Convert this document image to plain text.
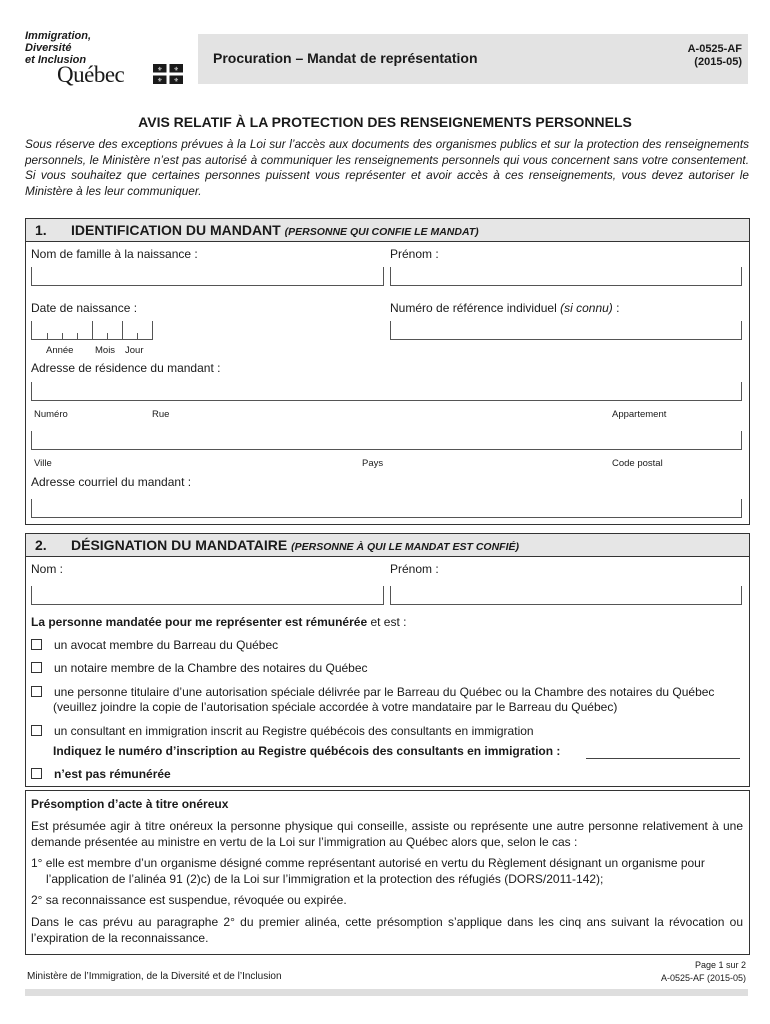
Immigration,
Diversité
et Inclusion
Québec	⚜ ⚜
⚜ ⚜
Procuration – Mandat de représentation
A-0525-AF
(2015-05)
AVIS RELATIF À LA PROTECTION DES RENSEIGNEMENTS PERSONNELS
Sous réserve des exceptions prévues à la Loi sur l’accès aux documents des organismes publics et sur la protection des renseignements personnels, le Ministère n’est pas autorisé à communiquer les renseignements personnels qui vous concernent sans votre consentement. Si vous souhaitez que certaines personnes puissent vous représenter et avoir accès à ces renseignements, vous devez autoriser le Ministère à les leur communiquer.
1. IDENTIFICATION DU MANDANT (PERSONNE QUI CONFIE LE MANDAT)
Nom de famille à la naissance :	Prénom :
Date de naissance :	Numéro de référence individuel (si connu) :
Année Mois Jour
Adresse de résidence du mandant :
Numéro	Rue	Appartement
Ville	Pays	Code postal
Adresse courriel du mandant :
2. DÉSIGNATION DU MANDATAIRE (PERSONNE À QUI LE MANDAT EST CONFIÉ)
Nom :	Prénom :
La personne mandatée pour me représenter est rémunérée et est :
un avocat membre du Barreau du Québec
un notaire membre de la Chambre des notaires du Québec
une personne titulaire d’une autorisation spéciale délivrée par le Barreau du Québec ou la Chambre des notaires du Québec
(veuillez joindre la copie de l’autorisation spéciale accordée à votre mandataire par le Barreau du Québec)
un consultant en immigration inscrit au Registre québécois des consultants en immigration
Indiquez le numéro d’inscription au Registre québécois des consultants en immigration :
n’est pas rémunérée
Présomption d’acte à titre onéreux
Est présumée agir à titre onéreux la personne physique qui conseille, assiste ou représente une autre personne relativement à une demande présentée au ministre en vertu de la Loi sur l’immigration au Québec alors que, selon le cas :
1° elle est membre d’un organisme désigné comme représentant autorisé en vertu du Règlement désignant un organisme pour
l’application de l’alinéa 91 (2)c) de la Loi sur l’immigration et la protection des réfugiés (DORS/2011-142);
2° sa reconnaissance est suspendue, révoquée ou expirée.
Dans le cas prévu au paragraphe 2° du premier alinéa, cette présomption s’applique dans les cinq ans suivant la révocation ou l’expiration de la reconnaissance.
Ministère de l’Immigration, de la Diversité et de l’Inclusion
Page 1 sur 2
A-0525-AF (2015-05)
